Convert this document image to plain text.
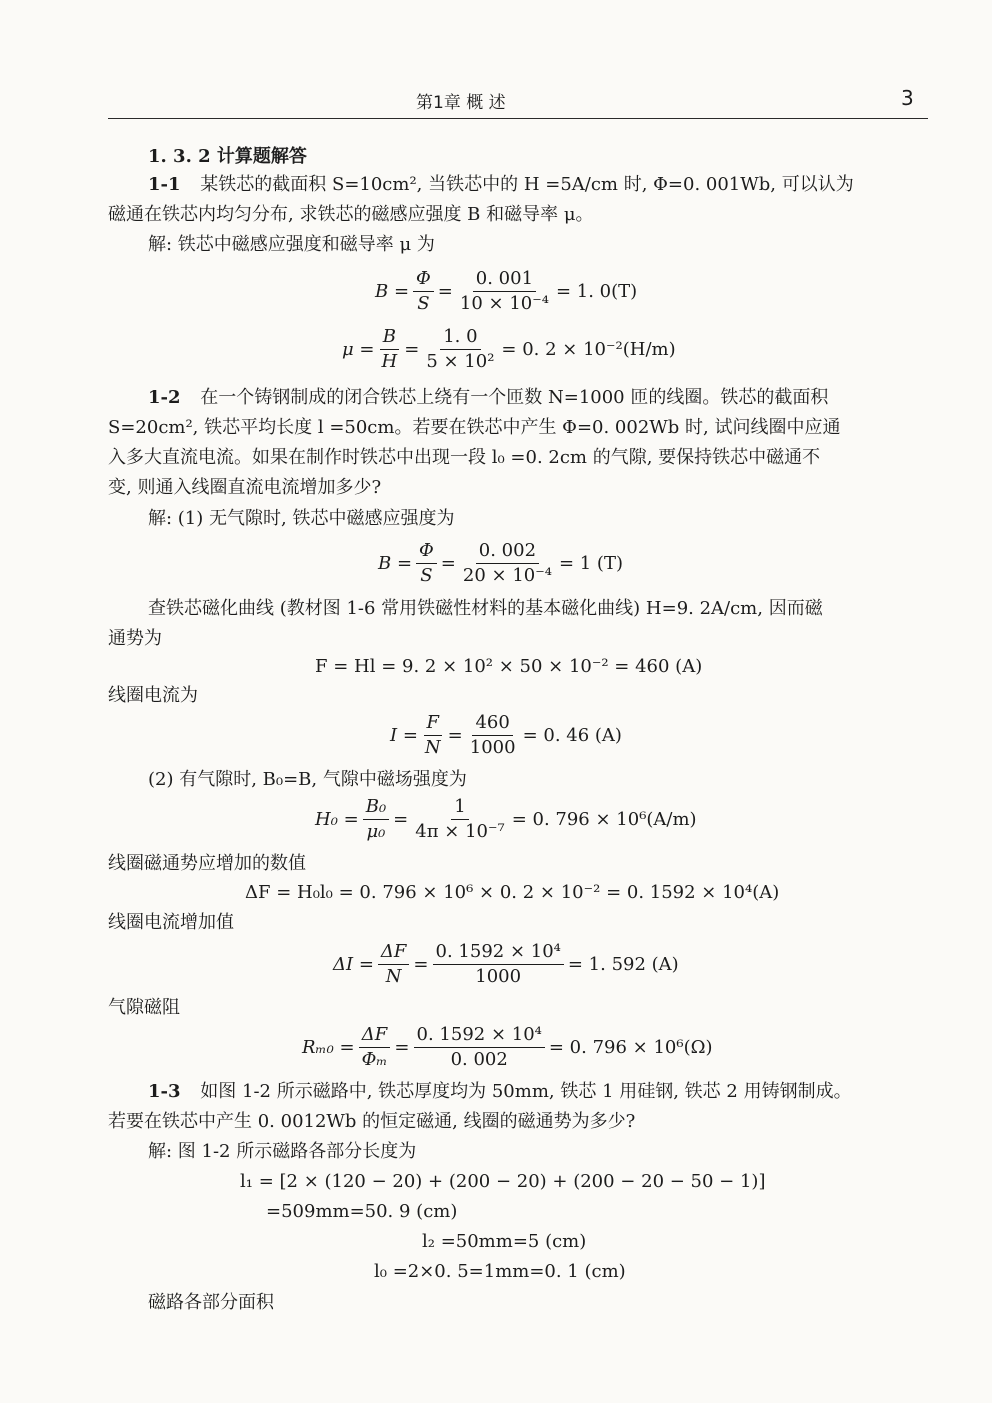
第1章 概 述	3
1. 3. 2 计算题解答
1-1 某铁芯的截面积 S=10cm², 当铁芯中的 H =5A/cm 时, Φ=0. 001Wb, 可以认为
磁通在铁芯内均匀分布, 求铁芯的磁感应强度 B 和磁导率 μ。
解: 铁芯中磁感应强度和磁导率 μ 为
$B = \frac{\Phi}{S} = \frac{0. 001}{\text{10 × 10⁻⁴}} = 1$. 0(T)
$\mu = \frac{B}{H} = \frac{1. 0}{\text{5 × 10²}} = 0$. 2 × 10⁻²(H/m)
1-2 在一个铸钢制成的闭合铁芯上绕有一个匝数 N=1000 匝的线圈。铁芯的截面积
S=20cm², 铁芯平均长度 l =50cm。若要在铁芯中产生 Φ=0. 002Wb 时, 试问线圈中应通
入多大直流电流。如果在制作时铁芯中出现一段 l₀ =0. 2cm 的气隙, 要保持铁芯中磁通不
变, 则通入线圈直流电流增加多少?
解: (1) 无气隙时, 铁芯中磁感应强度为
$B = \frac{\Phi}{S} = \frac{0. 002}{\text{20 × 10⁻⁴}} = 1$ (T)
查铁芯磁化曲线 (教材图 1-6 常用铁磁性材料的基本磁化曲线) H=9. 2A/cm, 因而磁
通势为
F = Hl = 9. 2 × 10² × 50 × 10⁻² = 460 (A)
线圈电流为
$I = \frac{F}{N} = \frac{460}{1000} = 0$. 46 (A)
(2) 有气隙时, B₀=B, 气隙中磁场强度为
$H_0 = \frac{\text{B₀}}{\text{μ₀}} = \frac{1}{\text{4π × 10⁻⁷}} = 0$. 796 × 10⁶(A/m)
线圈磁通势应增加的数值
ΔF = H₀l₀ = 0. 796 × 10⁶ × 0. 2 × 10⁻² = 0. 1592 × 10⁴(A)
线圈电流增加值
$\Delta I = \frac{\Delta F}{N} = \frac{\text{0. 1592 × 10⁴}}{1000} = 1$. 592 (A)
气隙磁阻
$R_{m0} = \frac{\Delta F}{\text{Φₘ}} = \frac{\text{0. 1592 × 10⁴}}{0. 002} = 0$. 796 × 10⁶(Ω)
1-3 如图 1-2 所示磁路中, 铁芯厚度均为 50mm, 铁芯 1 用硅钢, 铁芯 2 用铸钢制成。
若要在铁芯中产生 0. 0012Wb 的恒定磁通, 线圈的磁通势为多少?
解: 图 1-2 所示磁路各部分长度为
l₁ = [2 × (120 − 20) + (200 − 20) + (200 − 20 − 50 − 1)]
=509mm=50. 9 (cm)
l₂ =50mm=5 (cm)
l₀ =2×0. 5=1mm=0. 1 (cm)
磁路各部分面积
